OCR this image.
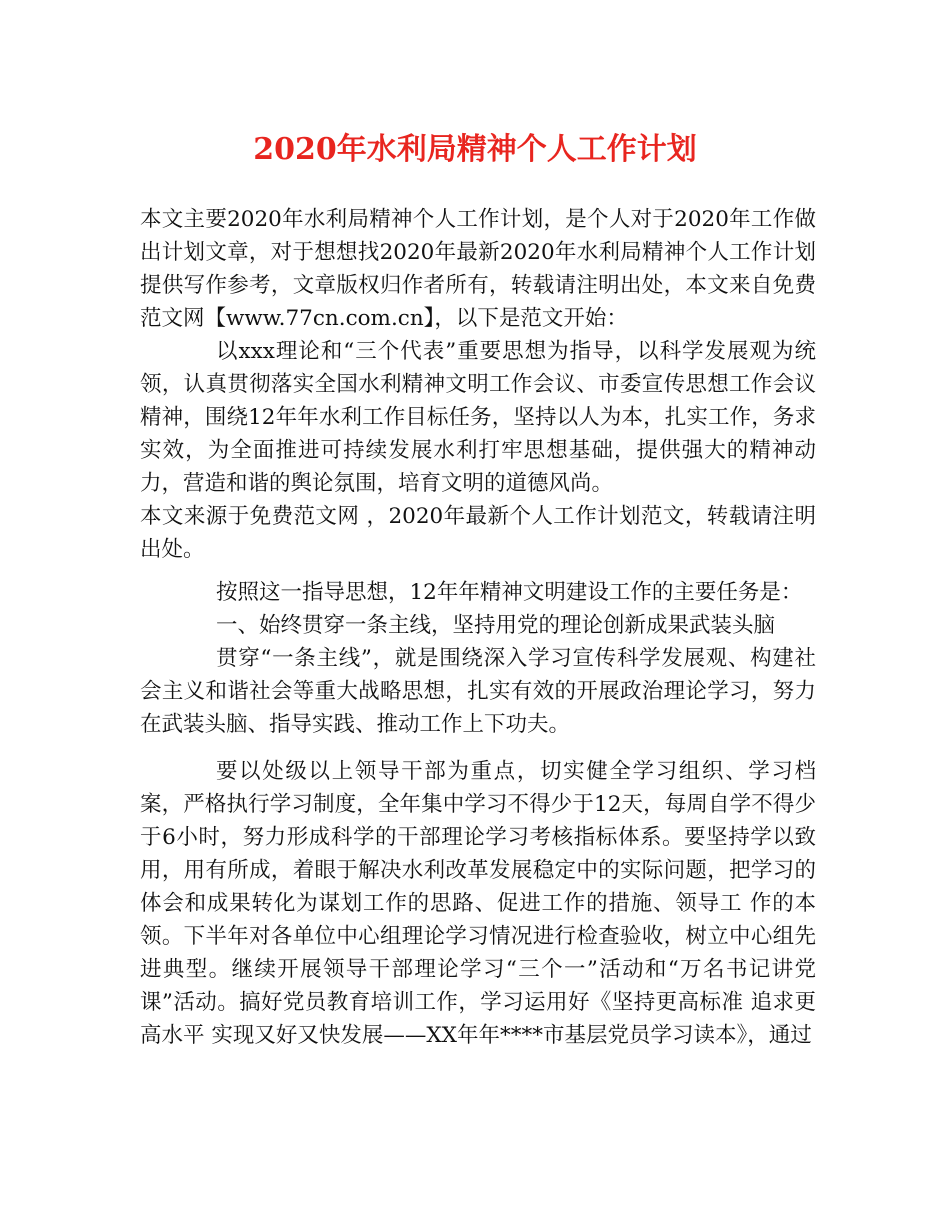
2020年水利局精神个人工作计划

本文主要2020年水利局精神个人工作计划，是个人对于2020年工作做出计划文章，对于想想找2020年最新2020年水利局精神个人工作计划提供写作参考，文章版权归作者所有，转载请注明出处，本文来自免费范文网【www.77cn.com.cn】，以下是范文开始：

以xxx理论和“三个代表”重要思想为指导，以科学发展观为统领，认真贯彻落实全国水利精神文明工作会议、市委宣传思想工作会议精神，围绕12年年水利工作目标任务，坚持以人为本，扎实工作，务求实效，为全面推进可持续发展水利打牢思想基础，提供强大的精神动力，营造和谐的舆论氛围，培育文明的道德风尚。

本文来源于免费范文网 ，2020年最新个人工作计划范文，转载请注明出处。

按照这一指导思想，12年年精神文明建设工作的主要任务是：

一、始终贯穿一条主线，坚持用党的理论创新成果武装头脑

贯穿“一条主线”，就是围绕深入学习宣传科学发展观、构建社会主义和谐社会等重大战略思想，扎实有效的开展政治理论学习，努力在武装头脑、指导实践、推动工作上下功夫。

要以处级以上领导干部为重点，切实健全学习组织、学习档案，严格执行学习制度，全年集中学习不得少于12天，每周自学不得少于6小时，努力形成科学的干部理论学习考核指标体系。要坚持学以致用，用有所成，着眼于解决水利改革发展稳定中的实际问题，把学习的体会和成果转化为谋划工作的思路、促进工作的措施、领导工 作的本领。下半年对各单位中心组理论学习情况进行检查验收，树立中心组先进典型。继续开展领导干部理论学习“三个一”活动和“万名书记讲党课”活动。搞好党员教育培训工作，学习运用好《坚持更高标准 追求更高水平 实现又好又快发展——XX年年****市基层党员学习读本》，通过
